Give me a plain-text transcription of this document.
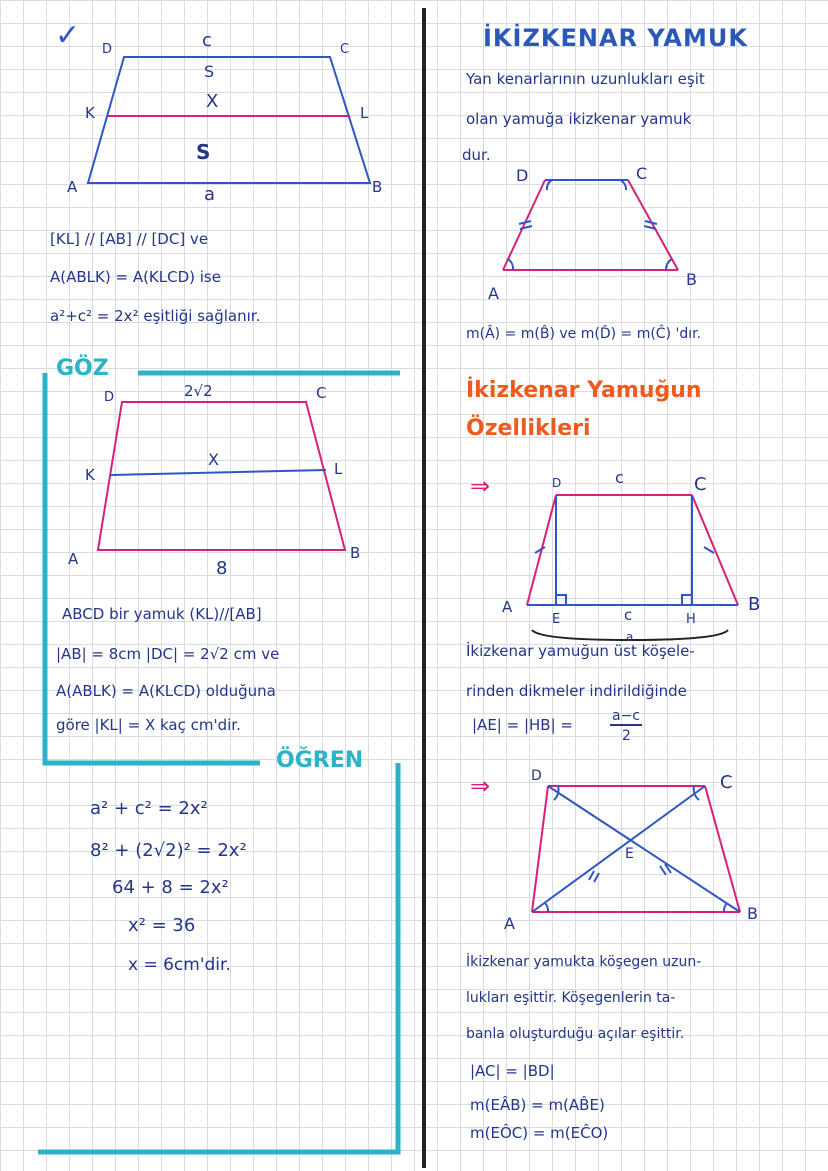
✓ D	C
c
S
X
K	L
S
A	B
a
[KL] // [AB] // [DC] ve
A(ABLK) = A(KLCD) ise
a²+c² = 2x² eşitliği sağlanır.
GÖZ
D	2√2	C
X
K	L
A	B
8
ABCD bir yamuk (KL)//[AB]
|AB| = 8cm |DC| = 2√2 cm ve
A(ABLK) = A(KLCD) olduğuna
göre |KL| = X kaç cm'dir.
ÖĞREN
a² + c² = 2x²
8² + (2√2)² = 2x²
64 + 8 = 2x²
x² = 36
x = 6cm'dir.
İKİZKENAR YAMUK
Yan kenarlarının uzunlukları eşit
olan yamuğa ikizkenar yamuk
dur.
D	C
A
B
m(Â) = m(B̂) ve m(D̂) = m(Ĉ) 'dır.
İkizkenar Yamuğun
Özellikleri
⇒	D	c	C
A
E	c	H
B
a
İkizkenar yamuğun üst köşele-
rinden dikmeler indirildiğinde
|AE| = |HB| =	a−c
2
⇒	D	C
E
A
B
İkizkenar yamukta köşegen uzun-
lukları eşittir. Köşegenlerin ta-
banla oluşturduğu açılar eşittir.
|AC| = |BD|
m(EÂB) = m(AB̂E)
m(EÔC) = m(EĈO)
